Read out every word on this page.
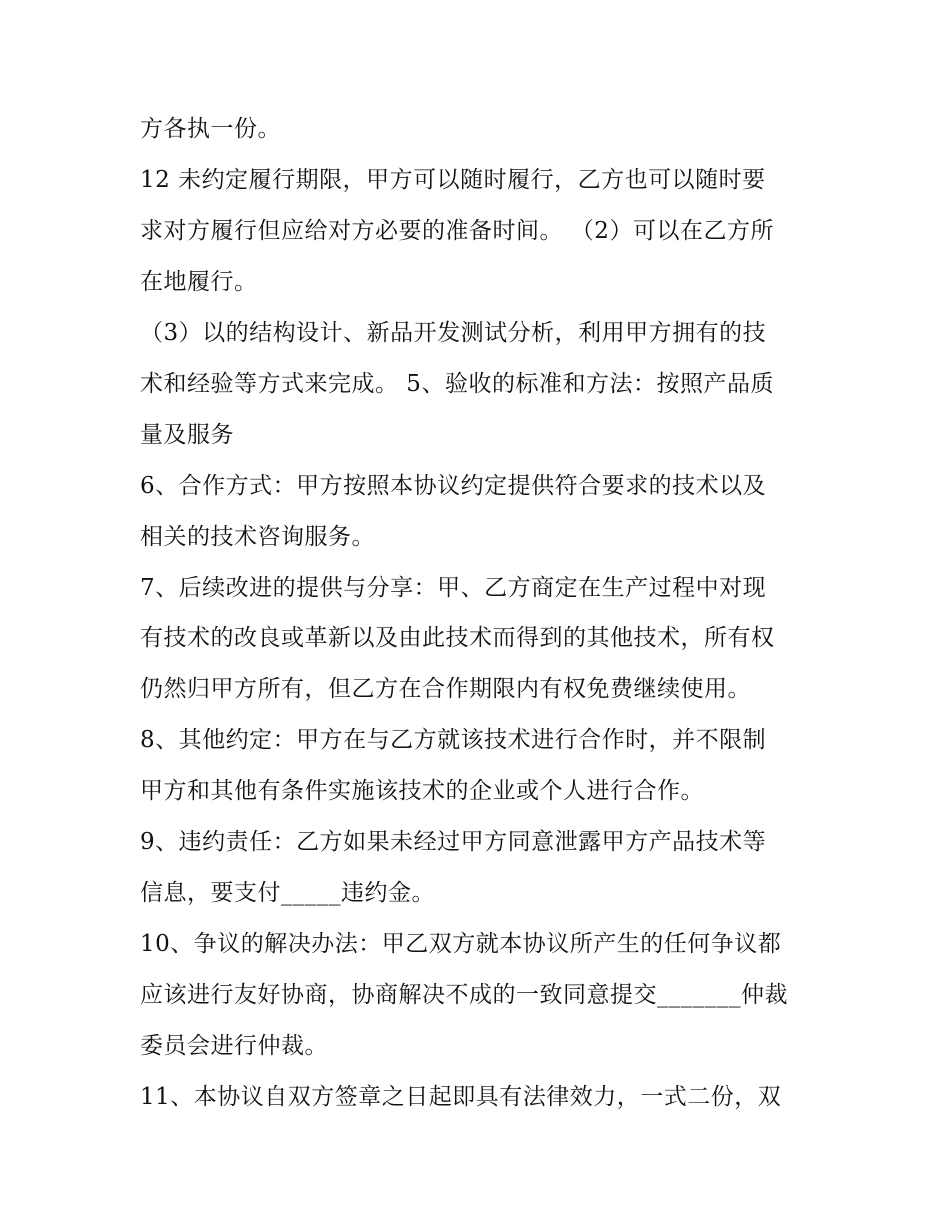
方各执一份。
12 未约定履行期限，甲方可以随时履行，乙方也可以随时要
求对方履行但应给对方必要的准备时间。 （2）可以在乙方所
在地履行。
（3）以的结构设计、新品开发测试分析，利用甲方拥有的技
术和经验等方式来完成。 5、验收的标准和方法：按照产品质
量及服务
6、合作方式：甲方按照本协议约定提供符合要求的技术以及
相关的技术咨询服务。
7、后续改进的提供与分享：甲、乙方商定在生产过程中对现
有技术的改良或革新以及由此技术而得到的其他技术，所有权
仍然归甲方所有，但乙方在合作期限内有权免费继续使用。
8、其他约定：甲方在与乙方就该技术进行合作时，并不限制
甲方和其他有条件实施该技术的企业或个人进行合作。
9、违约责任：乙方如果未经过甲方同意泄露甲方产品技术等
信息，要支付_____违约金。
10、争议的解决办法：甲乙双方就本协议所产生的任何争议都
应该进行友好协商，协商解决不成的一致同意提交_______仲裁
委员会进行仲裁。
11、本协议自双方签章之日起即具有法律效力，一式二份，双
